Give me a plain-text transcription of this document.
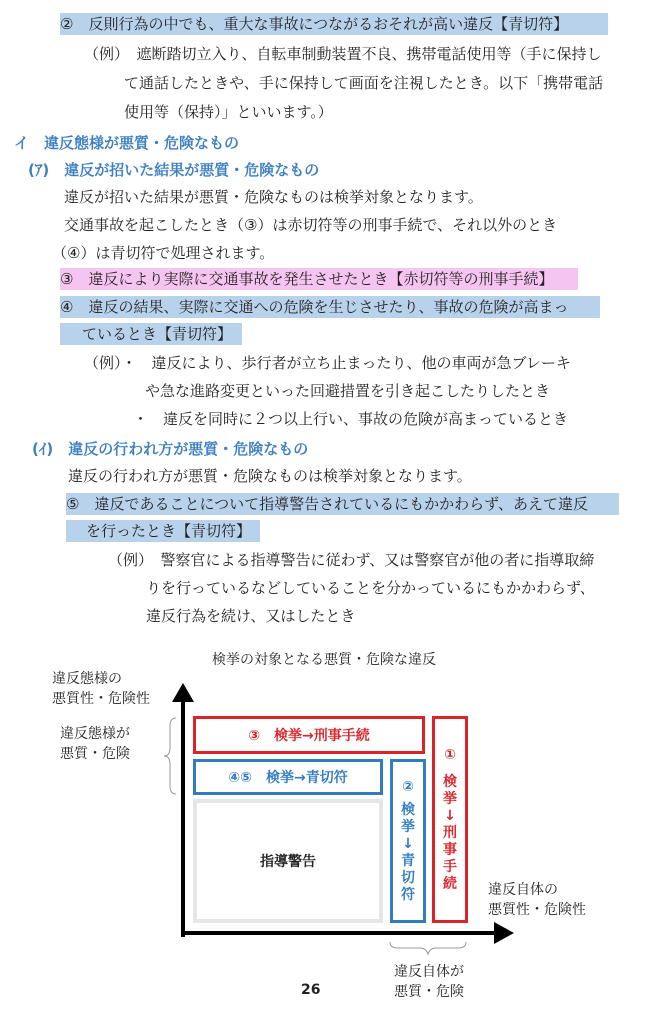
②　反則行為の中でも、重大な事故につながるおそれが高い違反【青切符】
（例）　遮断踏切立入り、自転車制動装置不良、携帯電話使用等（手に保持し
て通話したときや、手に保持して画面を注視したとき。以下「携帯電話
使用等（保持）」といいます。）
イ　違反態様が悪質・危険なもの
(ｱ)　違反が招いた結果が悪質・危険なもの
違反が招いた結果が悪質・危険なものは検挙対象となります。
交通事故を起こしたとき（③）は赤切符等の刑事手続で、それ以外のとき
（④）は青切符で処理されます。
③　違反により実際に交通事故を発生させたとき【赤切符等の刑事手続】
④　違反の結果、実際に交通への危険を生じさせたり、事故の危険が高まっ
ているとき【青切符】
（例）・　違反により、歩行者が立ち止まったり、他の車両が急ブレーキ
や急な進路変更といった回避措置を引き起こしたりしたとき
・　違反を同時に２つ以上行い、事故の危険が高まっているとき
(ｲ)　違反の行われ方が悪質・危険なもの
違反の行われ方が悪質・危険なものは検挙対象となります。
⑤　違反であることについて指導警告されているにもかかわらず、あえて違反
を行ったとき【青切符】
（例）　警察官による指導警告に従わず、又は警察官が他の者に指導取締
りを行っているなどしていることを分かっているにもかかわらず、
違反行為を続け、又はしたとき
検挙の対象となる悪質・危険な違反
違反態様の
悪質性・危険性
違反態様が
悪質・危険
違反自体の
悪質性・危険性
③　検挙→刑事手続
④⑤　検挙→青切符
指導警告
②
検
挙
↓
青
切
符
①
検
挙
↓
刑
事
手
続
26
違反自体が
悪質・危険
